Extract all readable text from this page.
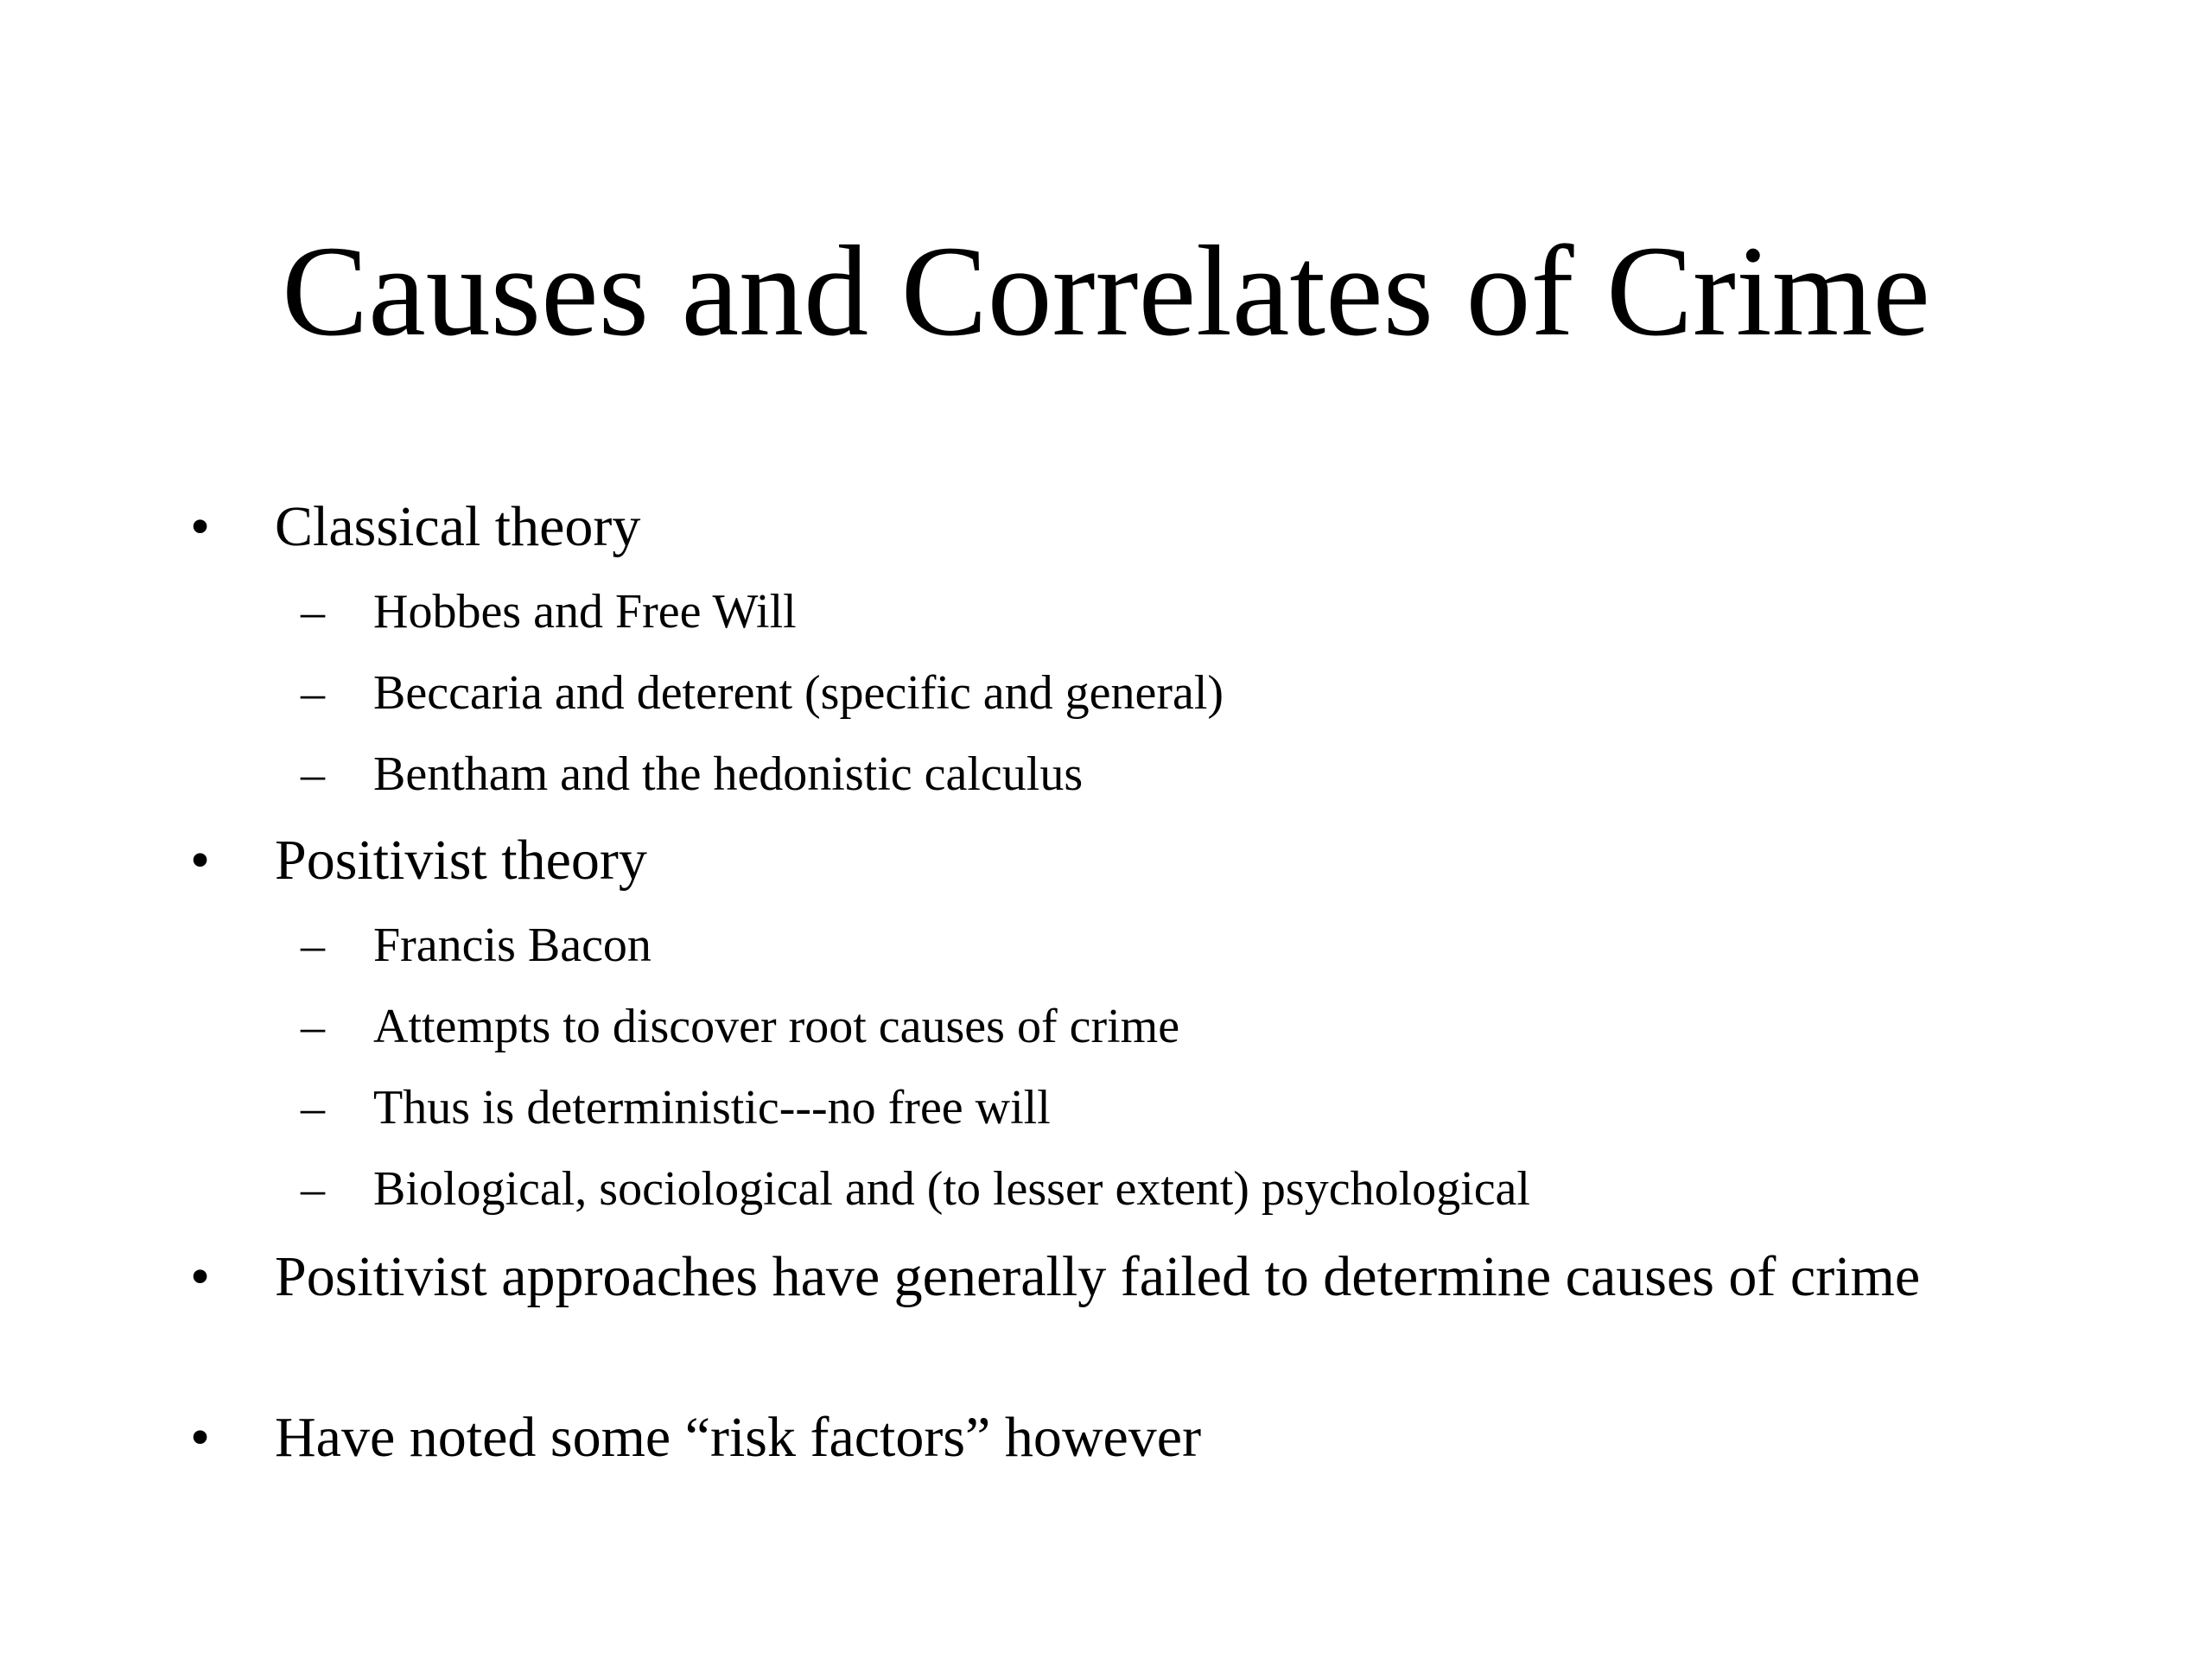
Causes and Correlates of Crime
• Classical theory
– Hobbes and Free Will
– Beccaria and deterent (specific and general)
– Bentham and the hedonistic calculus
• Positivist theory
– Francis Bacon
– Attempts to discover root causes of crime
– Thus is deterministic---no free will
– Biological, sociological and (to lesser extent) psychological
• Positivist approaches have generally failed to determine causes of crime
• Have noted some “risk factors” however
